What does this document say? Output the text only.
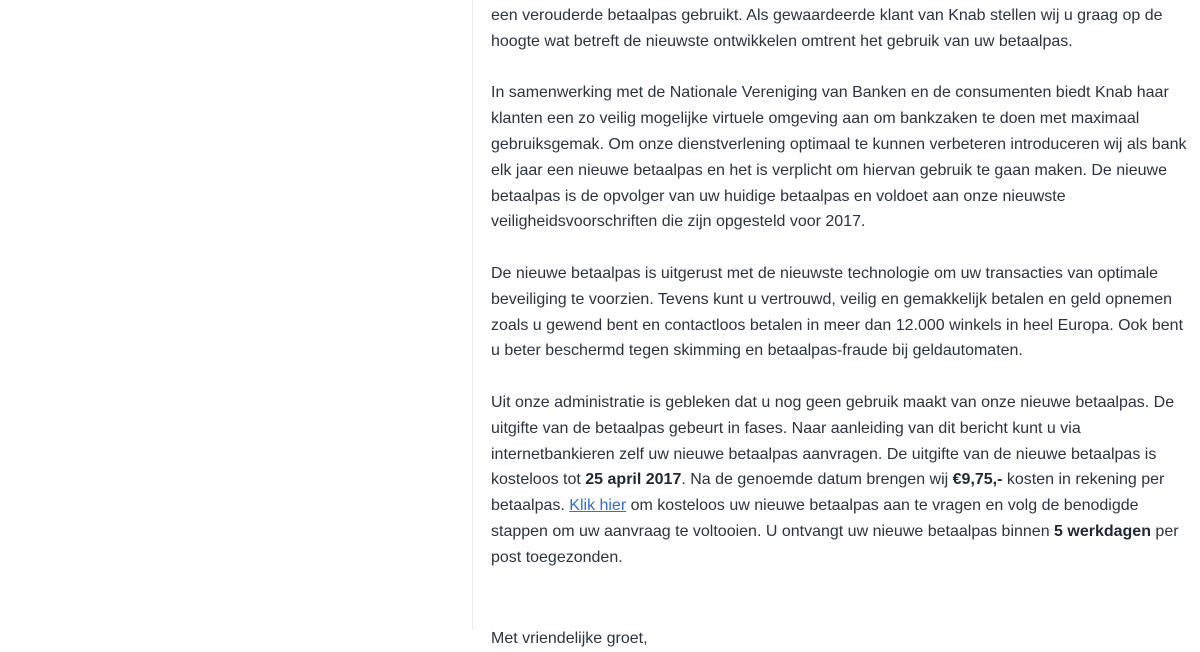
een verouderde betaalpas gebruikt. Als gewaardeerde klant van Knab stellen wij u graag op de
hoogte wat betreft de nieuwste ontwikkelen omtrent het gebruik van uw betaalpas.

In samenwerking met de Nationale Vereniging van Banken en de consumenten biedt Knab haar
klanten een zo veilig mogelijke virtuele omgeving aan om bankzaken te doen met maximaal
gebruiksgemak. Om onze dienstverlening optimaal te kunnen verbeteren introduceren wij als bank
elk jaar een nieuwe betaalpas en het is verplicht om hiervan gebruik te gaan maken. De nieuwe
betaalpas is de opvolger van uw huidige betaalpas en voldoet aan onze nieuwste
veiligheidsvoorschriften die zijn opgesteld voor 2017.

De nieuwe betaalpas is uitgerust met de nieuwste technologie om uw transacties van optimale
beveiliging te voorzien. Tevens kunt u vertrouwd, veilig en gemakkelijk betalen en geld opnemen
zoals u gewend bent en contactloos betalen in meer dan 12.000 winkels in heel Europa. Ook bent
u beter beschermd tegen skimming en betaalpas-fraude bij geldautomaten.

Uit onze administratie is gebleken dat u nog geen gebruik maakt van onze nieuwe betaalpas. De
uitgifte van de betaalpas gebeurt in fases. Naar aanleiding van dit bericht kunt u via
internetbankieren zelf uw nieuwe betaalpas aanvragen. De uitgifte van de nieuwe betaalpas is
kosteloos tot 25 april 2017. Na de genoemde datum brengen wij €9,75,- kosten in rekening per
betaalpas. Klik hier om kosteloos uw nieuwe betaalpas aan te vragen en volg de benodigde
stappen om uw aanvraag te voltooien. U ontvangt uw nieuwe betaalpas binnen 5 werkdagen per
post toegezonden.

Met vriendelijke groet,
